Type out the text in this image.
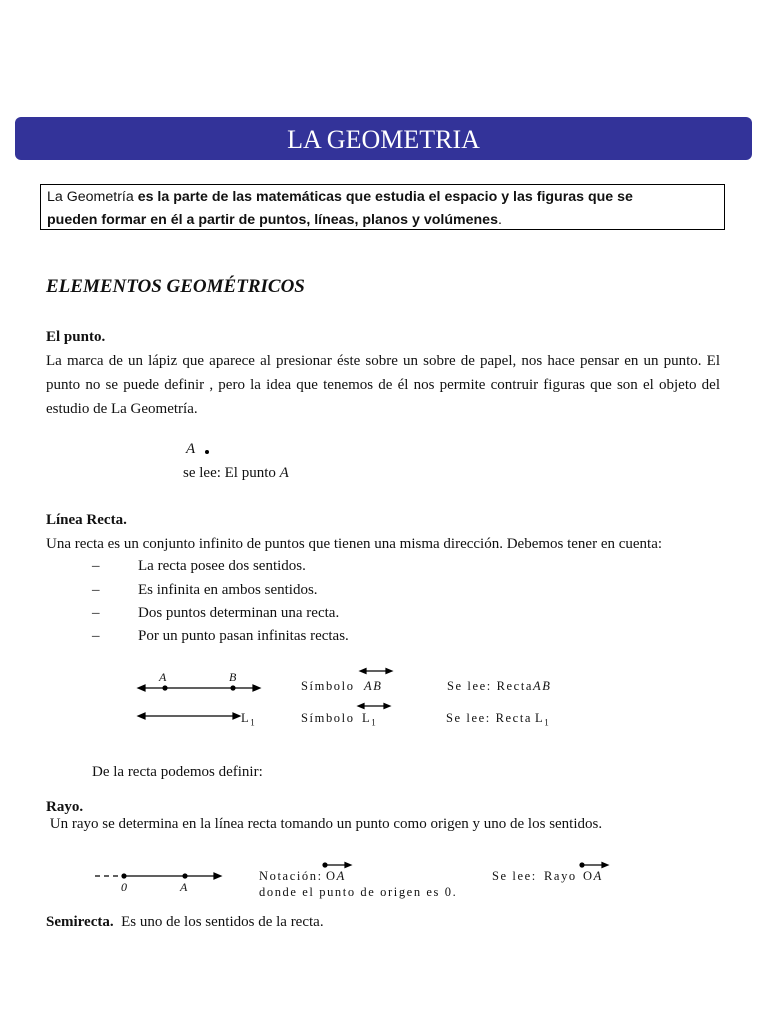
LA GEOMETRIA
La Geometría es la parte de las matemáticas que estudia el espacio y las figuras que se
pueden formar en él a partir de puntos, líneas, planos y volúmenes.
ELEMENTOS GEOMÉTRICOS
El punto.
La marca de un lápiz que aparece al presionar éste sobre un sobre de papel, nos hace pensar en un punto. El punto no se puede definir , pero la idea que tenemos de él nos permite contruir figuras que son el objeto del estudio de La Geometría.
A
se lee: El punto A
Línea Recta.
Una recta es un conjunto infinito de puntos que tienen una misma dirección. Debemos tener en cuenta:
–	La recta posee dos sentidos.
–	Es infinita en ambos sentidos.
–	Dos puntos determinan una recta.
–	Por un punto pasan infinitas rectas.
A	B
$L_1$
Símbolo AB	Se lee: Recta AB
Símbolo $L_1$	Se lee: Recta $L_1$
De la recta podemos definir:
Rayo.
Un rayo se determina en la línea recta tomando un punto como origen y uno de los sentidos.
0	A
Notación: OA
donde el punto de origen es 0.
Se lee: Rayo OA
Semirecta.  Es uno de los sentidos de la recta.
